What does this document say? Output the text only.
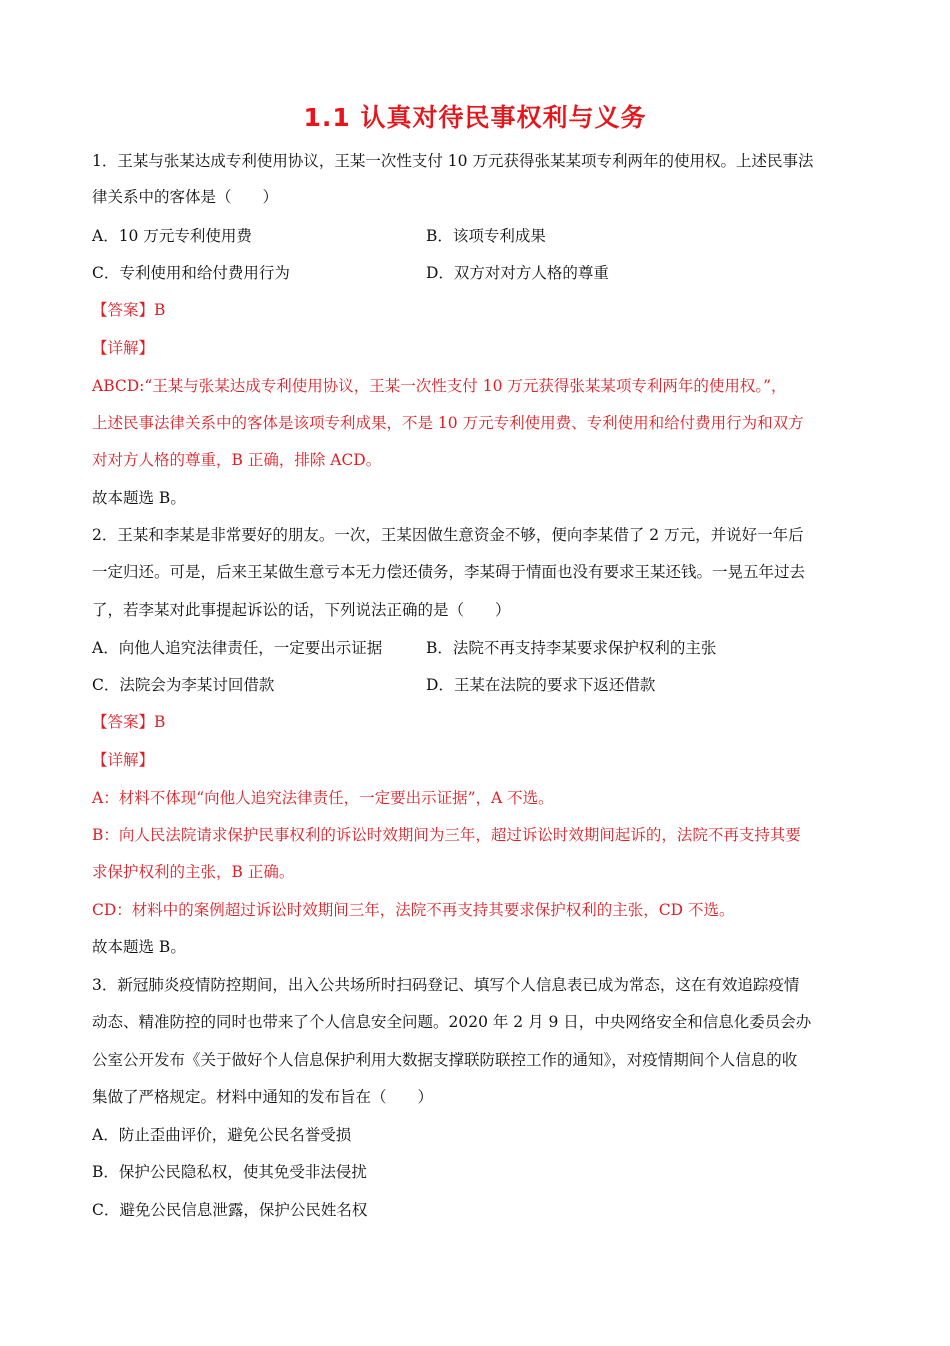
1.1 认真对待民事权利与义务
1．王某与张某达成专利使用协议，王某一次性支付 10 万元获得张某某项专利两年的使用权。上述民事法
律关系中的客体是（　　）
A．10 万元专利使用费	B．该项专利成果
C．专利使用和给付费用行为	D．双方对对方人格的尊重
【答案】B
【详解】
ABCD:“王某与张某达成专利使用协议，王某一次性支付 10 万元获得张某某项专利两年的使用权。”，
上述民事法律关系中的客体是该项专利成果，不是 10 万元专利使用费、专利使用和给付费用行为和双方
对对方人格的尊重，B 正确，排除 ACD。
故本题选 B。
2．王某和李某是非常要好的朋友。一次，王某因做生意资金不够，便向李某借了 2 万元，并说好一年后
一定归还。可是，后来王某做生意亏本无力偿还债务，李某碍于情面也没有要求王某还钱。一晃五年过去
了，若李某对此事提起诉讼的话，下列说法正确的是（　　）
A．向他人追究法律责任，一定要出示证据	B．法院不再支持李某要求保护权利的主张
C．法院会为李某讨回借款	D．王某在法院的要求下返还借款
【答案】B
【详解】
A：材料不体现“向他人追究法律责任，一定要出示证据”，A 不选。
B：向人民法院请求保护民事权利的诉讼时效期间为三年，超过诉讼时效期间起诉的，法院不再支持其要
求保护权利的主张，B 正确。
CD：材料中的案例超过诉讼时效期间三年，法院不再支持其要求保护权利的主张，CD 不选。
故本题选 B。
3．新冠肺炎疫情防控期间，出入公共场所时扫码登记、填写个人信息表已成为常态，这在有效追踪疫情
动态、精准防控的同时也带来了个人信息安全问题。2020 年 2 月 9 日，中央网络安全和信息化委员会办
公室公开发布《关于做好个人信息保护利用大数据支撑联防联控工作的通知》，对疫情期间个人信息的收
集做了严格规定。材料中通知的发布旨在（　　）
A．防止歪曲评价，避免公民名誉受损
B．保护公民隐私权，使其免受非法侵扰
C．避免公民信息泄露，保护公民姓名权
